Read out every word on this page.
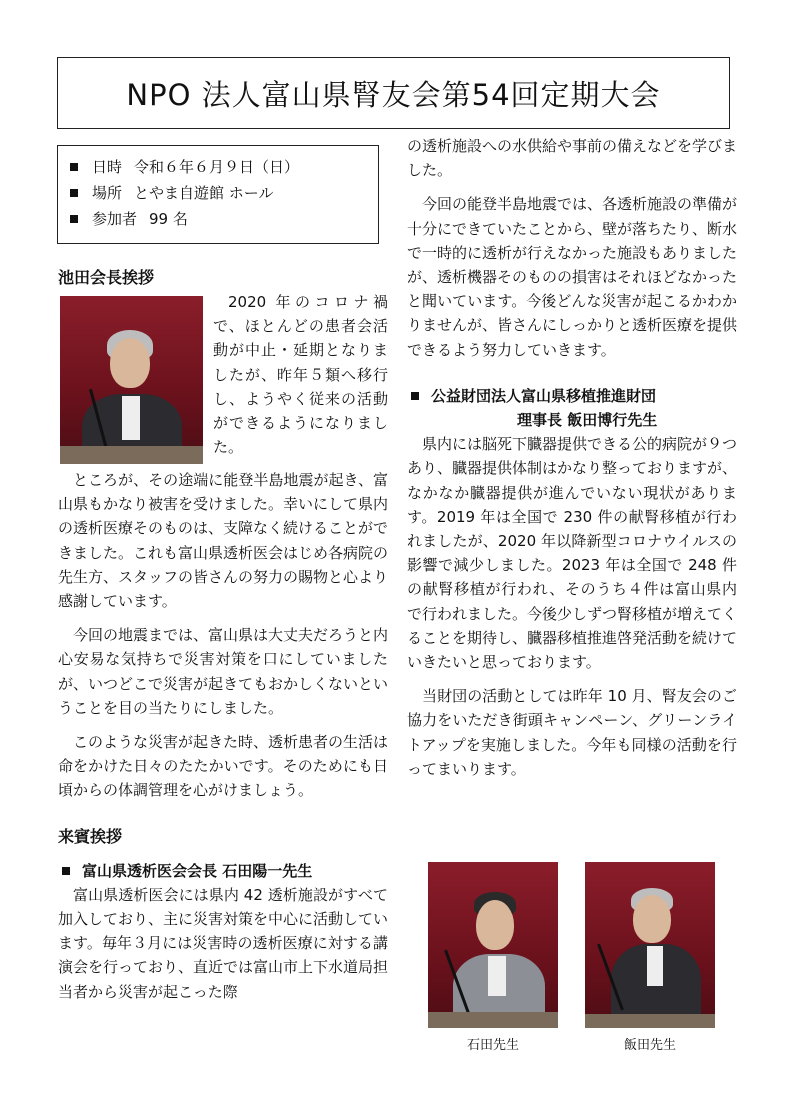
NPO 法人富山県腎友会第54回定期大会
日時 令和６年６月９日（日）
場所 とやま自遊館 ホール
参加者 99 名

池田会長挨拶

2020 年のコロナ禍で、ほとんどの患者会活動が中止・延期となりましたが、昨年５類へ移行し、ようやく従来の活動ができるようになりました。

ところが、その途端に能登半島地震が起き、富山県もかなり被害を受けました。幸いにして県内の透析医療そのものは、支障なく続けることができました。これも富山県透析医会はじめ各病院の先生方、スタッフの皆さんの努力の賜物と心より感謝しています。

今回の地震までは、富山県は大丈夫だろうと内心安易な気持ちで災害対策を口にしていましたが、いつどこで災害が起きてもおかしくないということを目の当たりにしました。

このような災害が起きた時、透析患者の生活は命をかけた日々のたたかいです。そのためにも日頃からの体調管理を心がけましょう。

来賓挨拶

富山県透析医会会長 石田陽一先生

富山県透析医会には県内 42 透析施設がすべて加入しており、主に災害対策を中心に活動しています。毎年３月には災害時の透析医療に対する講演会を行っており、直近では富山市上下水道局担当者から災害が起こった際

の透析施設への水供給や事前の備えなどを学びました。

今回の能登半島地震では、各透析施設の準備が十分にできていたことから、壁が落ちたり、断水で一時的に透析が行えなかった施設もありましたが、透析機器そのものの損害はそれほどなかったと聞いています。今後どんな災害が起こるかわかりませんが、皆さんにしっかりと透析医療を提供できるよう努力していきます。

公益財団法人富山県移植推進財団

理事長 飯田博行先生

県内には脳死下臓器提供できる公的病院が９つあり、臓器提供体制はかなり整っておりますが、なかなか臓器提供が進んでいない現状があります。2019 年は全国で 230 件の献腎移植が行われましたが、2020 年以降新型コロナウイルスの影響で減少しました。2023 年は全国で 248 件の献腎移植が行われ、そのうち４件は富山県内で行われました。今後少しずつ腎移植が増えてくることを期待し、臓器移植推進啓発活動を続けていきたいと思っております。

当財団の活動としては昨年 10 月、腎友会のご協力をいただき街頭キャンペーン、グリーンライトアップを実施しました。今年も同様の活動を行ってまいります。

石田先生	飯田先生
